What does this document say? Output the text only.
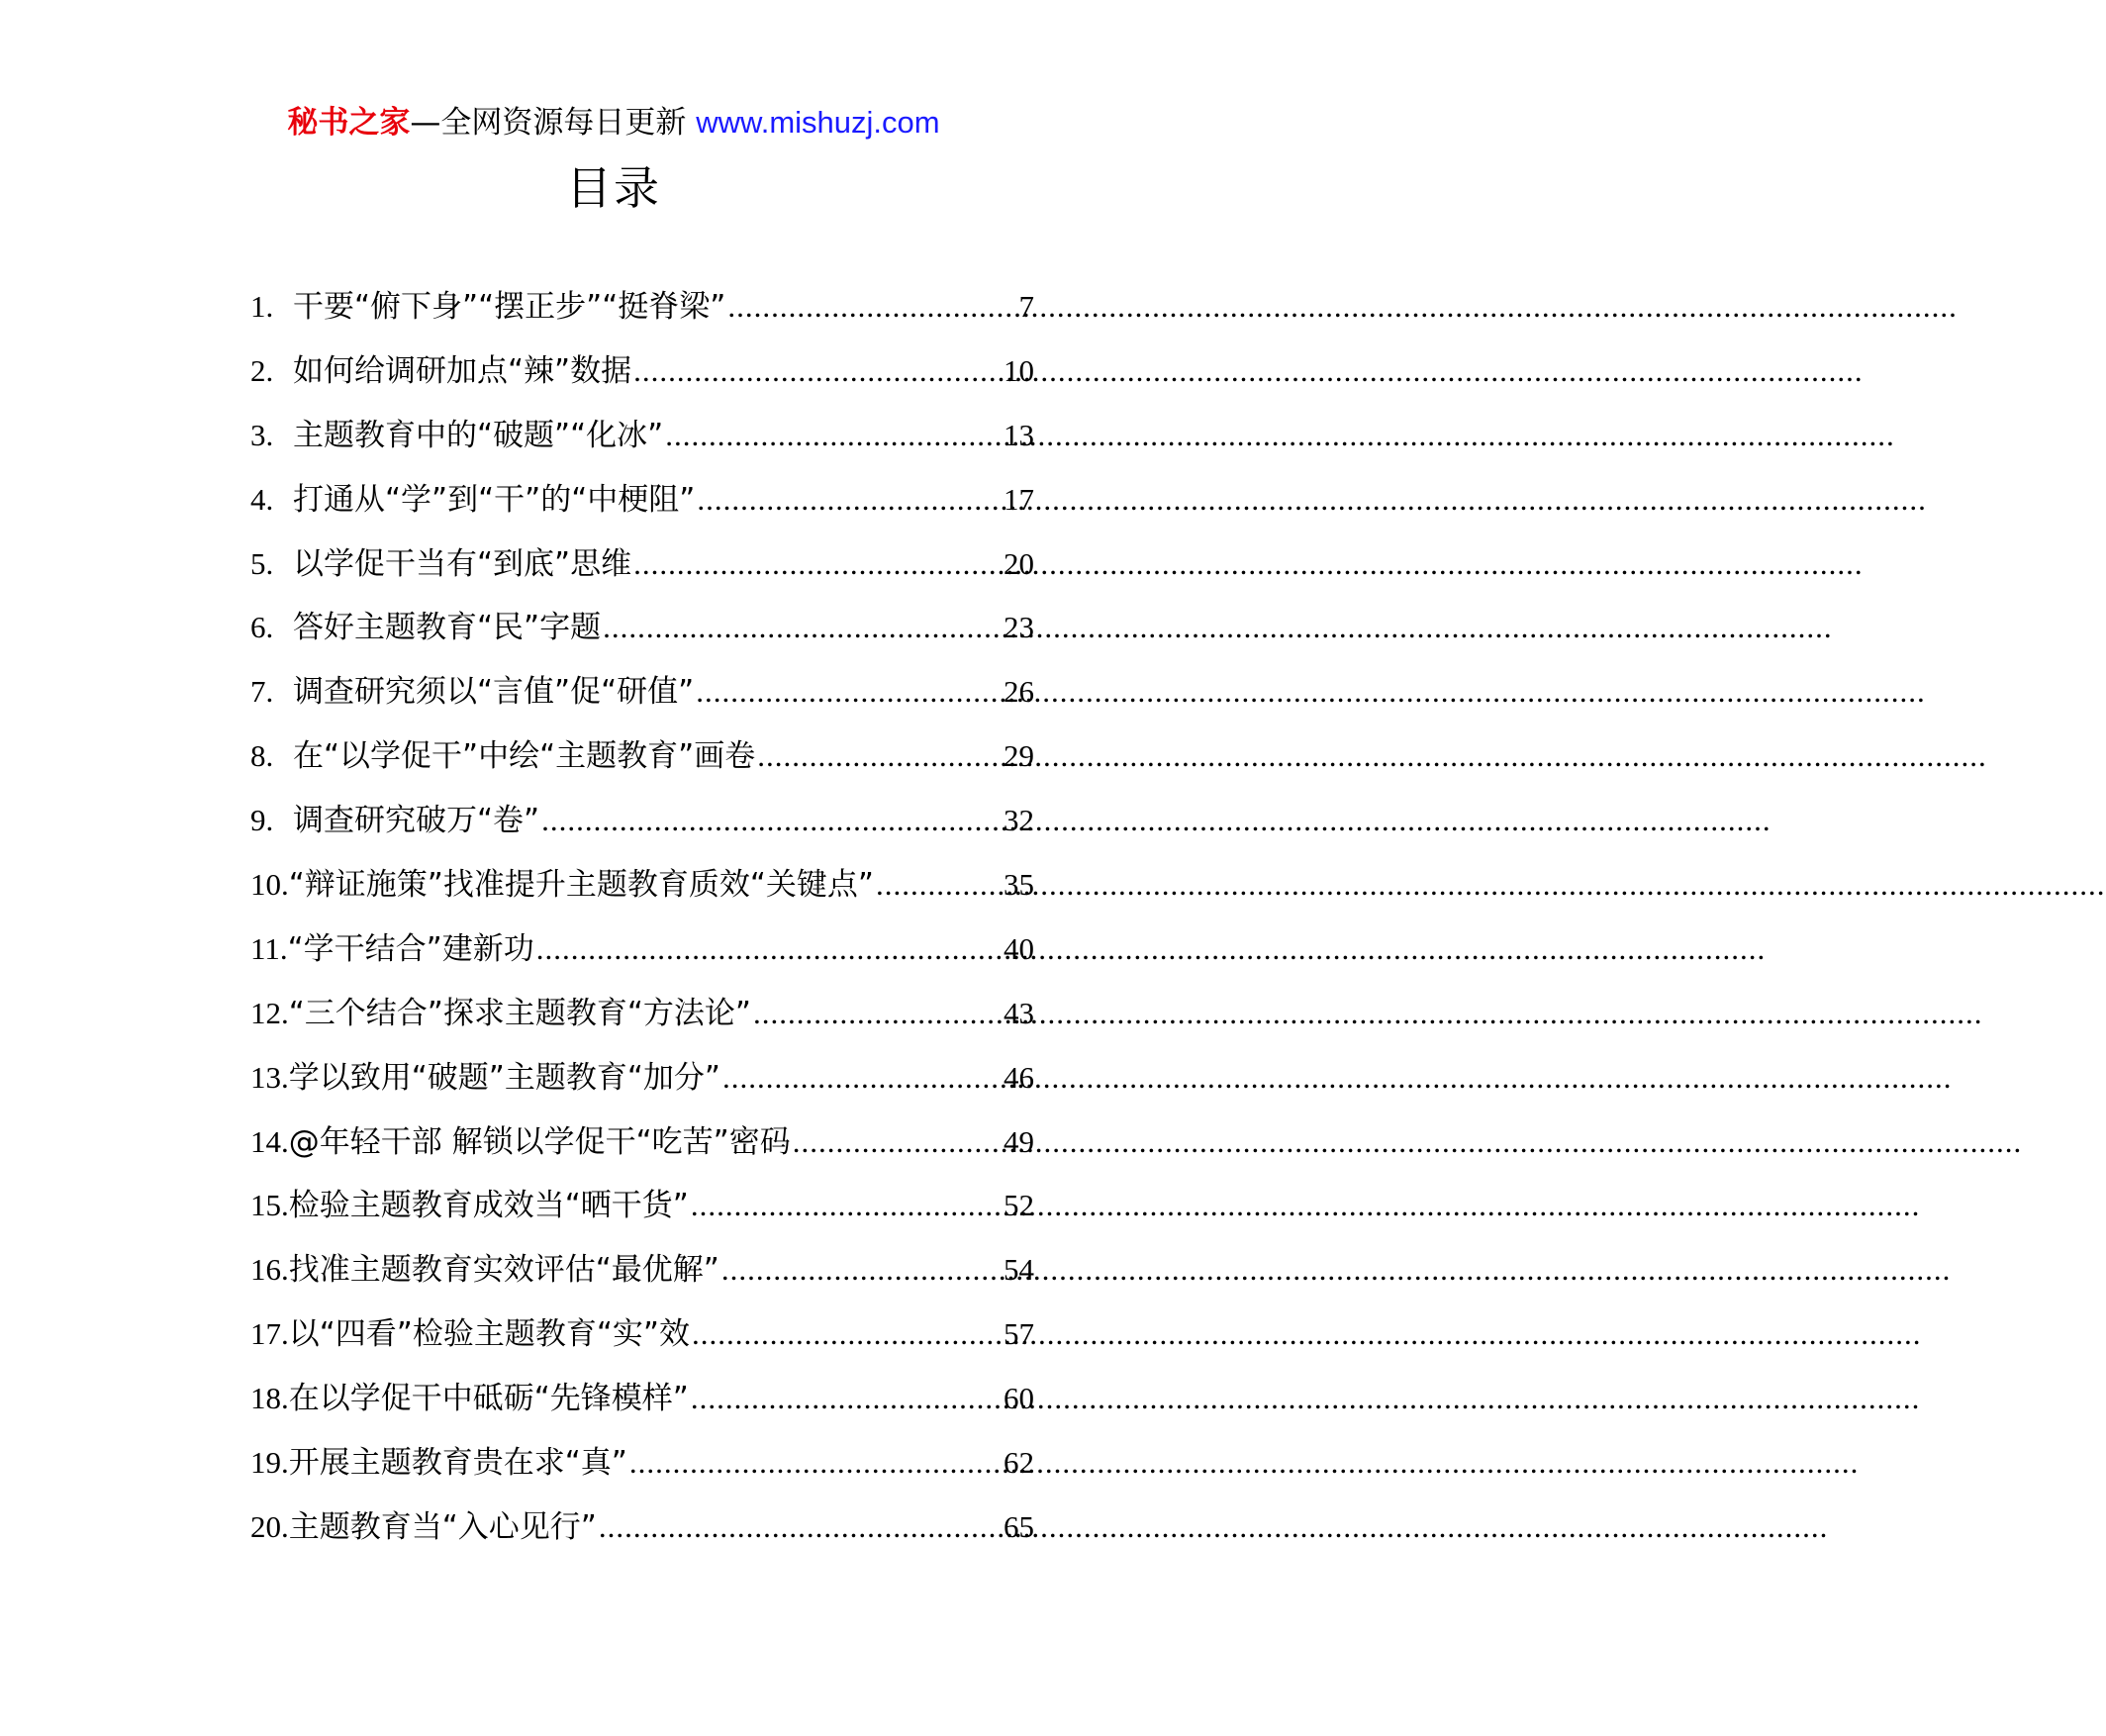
秘书之家—全网资源每日更新 www.mishuzj.com
目录
1. 干要“俯下身”“摆正步”“挺脊梁” .....	7
2. 如何给调研加点“辣”数据 .....	10
3. 主题教育中的“破题”“化冰” .....	13
4. 打通从“学”到“干”的“中梗阻” .....	17
5. 以学促干当有“到底”思维 .....	20
6. 答好主题教育“民”字题 .....	23
7. 调查研究须以“言值”促“研值” .....	26
8. 在“以学促干”中绘“主题教育”画卷 .....	29
9. 调查研究破万“卷” .....	32
10. “辩证施策”找准提升主题教育质效“关键点” .....	35
11. “学干结合”建新功 .....	40
12. “三个结合”探求主题教育“方法论” .....	43
13. 学以致用“破题”主题教育“加分” .....	46
14. @年轻干部 解锁以学促干“吃苦”密码 .....	49
15. 检验主题教育成效当“晒干货” .....	52
16. 找准主题教育实效评估“最优解” .....	54
17. 以“四看”检验主题教育“实”效 .....	57
18. 在以学促干中砥砺“先锋模样” .....	60
19. 开展主题教育贵在求“真” .....	62
20. 主题教育当“入心见行” .....	65
